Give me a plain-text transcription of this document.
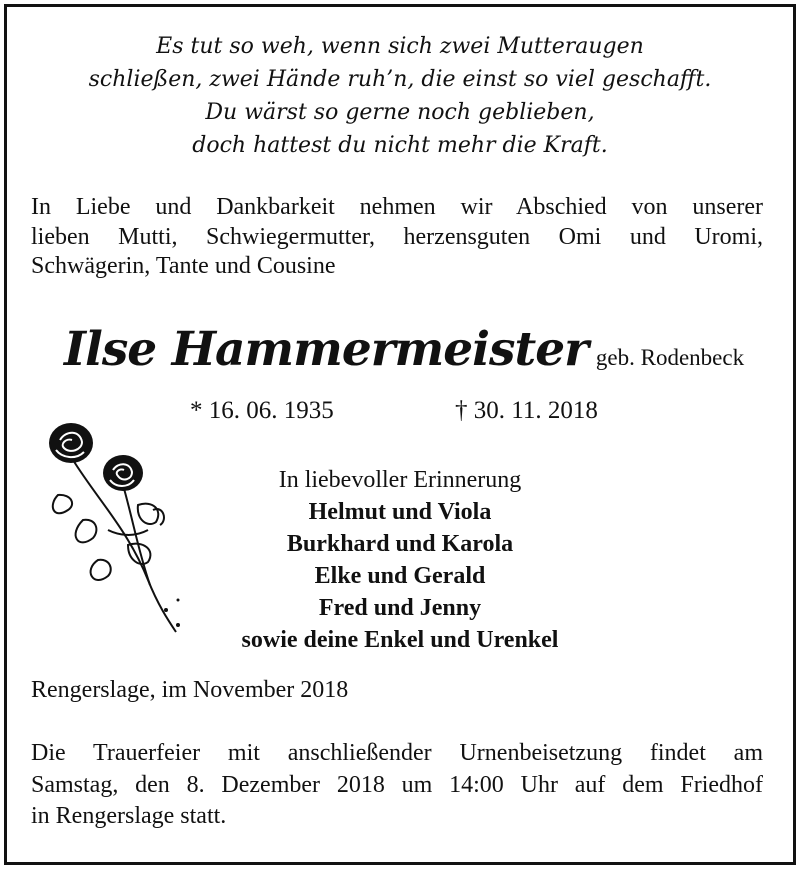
Es tut so weh, wenn sich zwei Mutteraugen
schließen, zwei Hände ruh’n, die einst so viel geschafft.
Du wärst so gerne noch geblieben,
doch hattest du nicht mehr die Kraft.
In Liebe und Dankbarkeit nehmen wir Abschied von unserer
lieben Mutti, Schwiegermutter, herzensguten Omi und Uromi,
Schwägerin, Tante und Cousine
Ilse Hammermeister geb. Rodenbeck
* 16. 06. 1935	† 30. 11. 2018
In liebevoller Erinnerung
Helmut und Viola
Burkhard und Karola
Elke und Gerald
Fred und Jenny
sowie deine Enkel und Urenkel
Rengerslage, im November 2018
Die Trauerfeier mit anschließender Urnenbeisetzung findet am
Samstag, den 8. Dezember 2018 um 14:00 Uhr auf dem Friedhof
in Rengerslage statt.
